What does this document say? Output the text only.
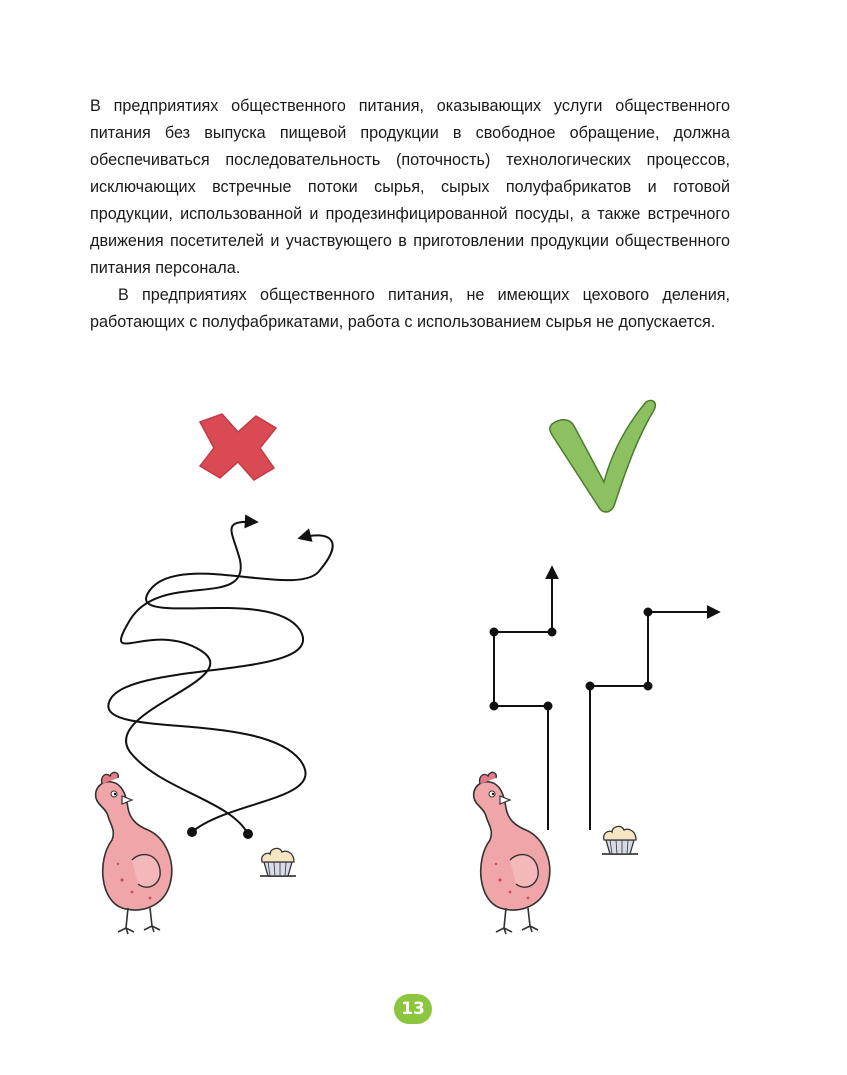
В предприятиях общественного питания, оказывающих услуги общественного питания без выпуска пищевой продукции в свободное обращение, должна обеспечиваться последовательность (поточность) технологических процессов, исключающих встречные потоки сырья, сырых полуфабрикатов и готовой продукции, использованной и продезинфицированной посуды, а также встречного движения посетителей и участвующего в приготовлении продукции общественного питания персонала.

В предприятиях общественного питания, не имеющих цехового деления, работающих с полуфабрикатами, работа с использованием сырья не допускается.

13
